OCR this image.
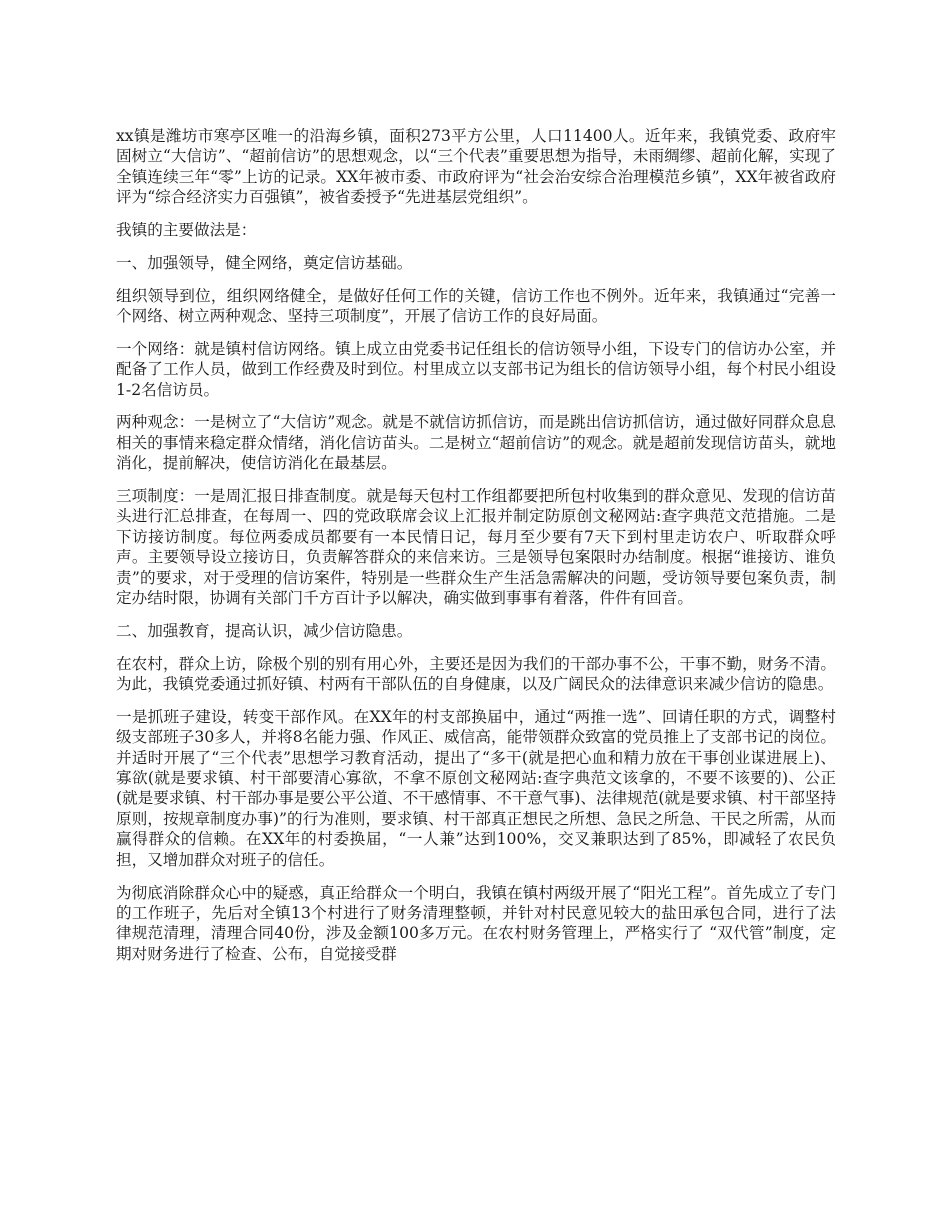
xx镇是潍坊市寒亭区唯一的沿海乡镇，面积273平方公里，人口11400人。近年来，我镇党委、政府牢固树立“大信访”、“超前信访”的思想观念，以“三个代表”重要思想为指导，未雨绸缪、超前化解，实现了全镇连续三年“零”上访的记录。XX年被市委、市政府评为“社会治安综合治理模范乡镇”，XX年被省政府评为“综合经济实力百强镇”，被省委授予“先进基层党组织”。

我镇的主要做法是：

一、加强领导，健全网络，奠定信访基础。

组织领导到位，组织网络健全，是做好任何工作的关键，信访工作也不例外。近年来，我镇通过“完善一个网络、树立两种观念、坚持三项制度”，开展了信访工作的良好局面。

一个网络：就是镇村信访网络。镇上成立由党委书记任组长的信访领导小组，下设专门的信访办公室，并配备了工作人员，做到工作经费及时到位。村里成立以支部书记为组长的信访领导小组，每个村民小组设1-2名信访员。

两种观念：一是树立了“大信访”观念。就是不就信访抓信访，而是跳出信访抓信访，通过做好同群众息息相关的事情来稳定群众情绪，消化信访苗头。二是树立“超前信访”的观念。就是超前发现信访苗头，就地消化，提前解决，使信访消化在最基层。

三项制度：一是周汇报日排查制度。就是每天包村工作组都要把所包村收集到的群众意见、发现的信访苗头进行汇总排查，在每周一、四的党政联席会议上汇报并制定防原创文秘网站:查字典范文范措施。二是下访接访制度。每位两委成员都要有一本民情日记，每月至少要有7天下到村里走访农户、听取群众呼声。主要领导设立接访日，负责解答群众的来信来访。三是领导包案限时办结制度。根据“谁接访、谁负责”的要求，对于受理的信访案件，特别是一些群众生产生活急需解决的问题，受访领导要包案负责，制定办结时限，协调有关部门千方百计予以解决，确实做到事事有着落，件件有回音。

二、加强教育，提高认识，减少信访隐患。

在农村，群众上访，除极个别的别有用心外，主要还是因为我们的干部办事不公，干事不勤，财务不清。为此，我镇党委通过抓好镇、村两有干部队伍的自身健康，以及广阔民众的法律意识来减少信访的隐患。

一是抓班子建设，转变干部作风。在XX年的村支部换届中，通过“两推一选”、回请任职的方式，调整村级支部班子30多人，并将8名能力强、作风正、威信高，能带领群众致富的党员推上了支部书记的岗位。并适时开展了“三个代表”思想学习教育活动，提出了“多干(就是把心血和精力放在干事创业谋进展上)、寡欲(就是要求镇、村干部要清心寡欲，不拿不原创文秘网站:查字典范文该拿的，不要不该要的)、公正(就是要求镇、村干部办事是要公平公道、不干感情事、不干意气事)、法律规范(就是要求镇、村干部坚持原则，按规章制度办事)”的行为准则，要求镇、村干部真正想民之所想、急民之所急、干民之所需，从而赢得群众的信赖。在XX年的村委换届，“一人兼”达到100%，交叉兼职达到了85%，即减轻了农民负担，又增加群众对班子的信任。

为彻底消除群众心中的疑惑，真正给群众一个明白，我镇在镇村两级开展了“阳光工程”。首先成立了专门的工作班子，先后对全镇13个村进行了财务清理整顿，并针对村民意见较大的盐田承包合同，进行了法律规范清理，清理合同40份，涉及金额100多万元。在农村财务管理上，严格实行了 “双代管”制度，定期对财务进行了检查、公布，自觉接受群
